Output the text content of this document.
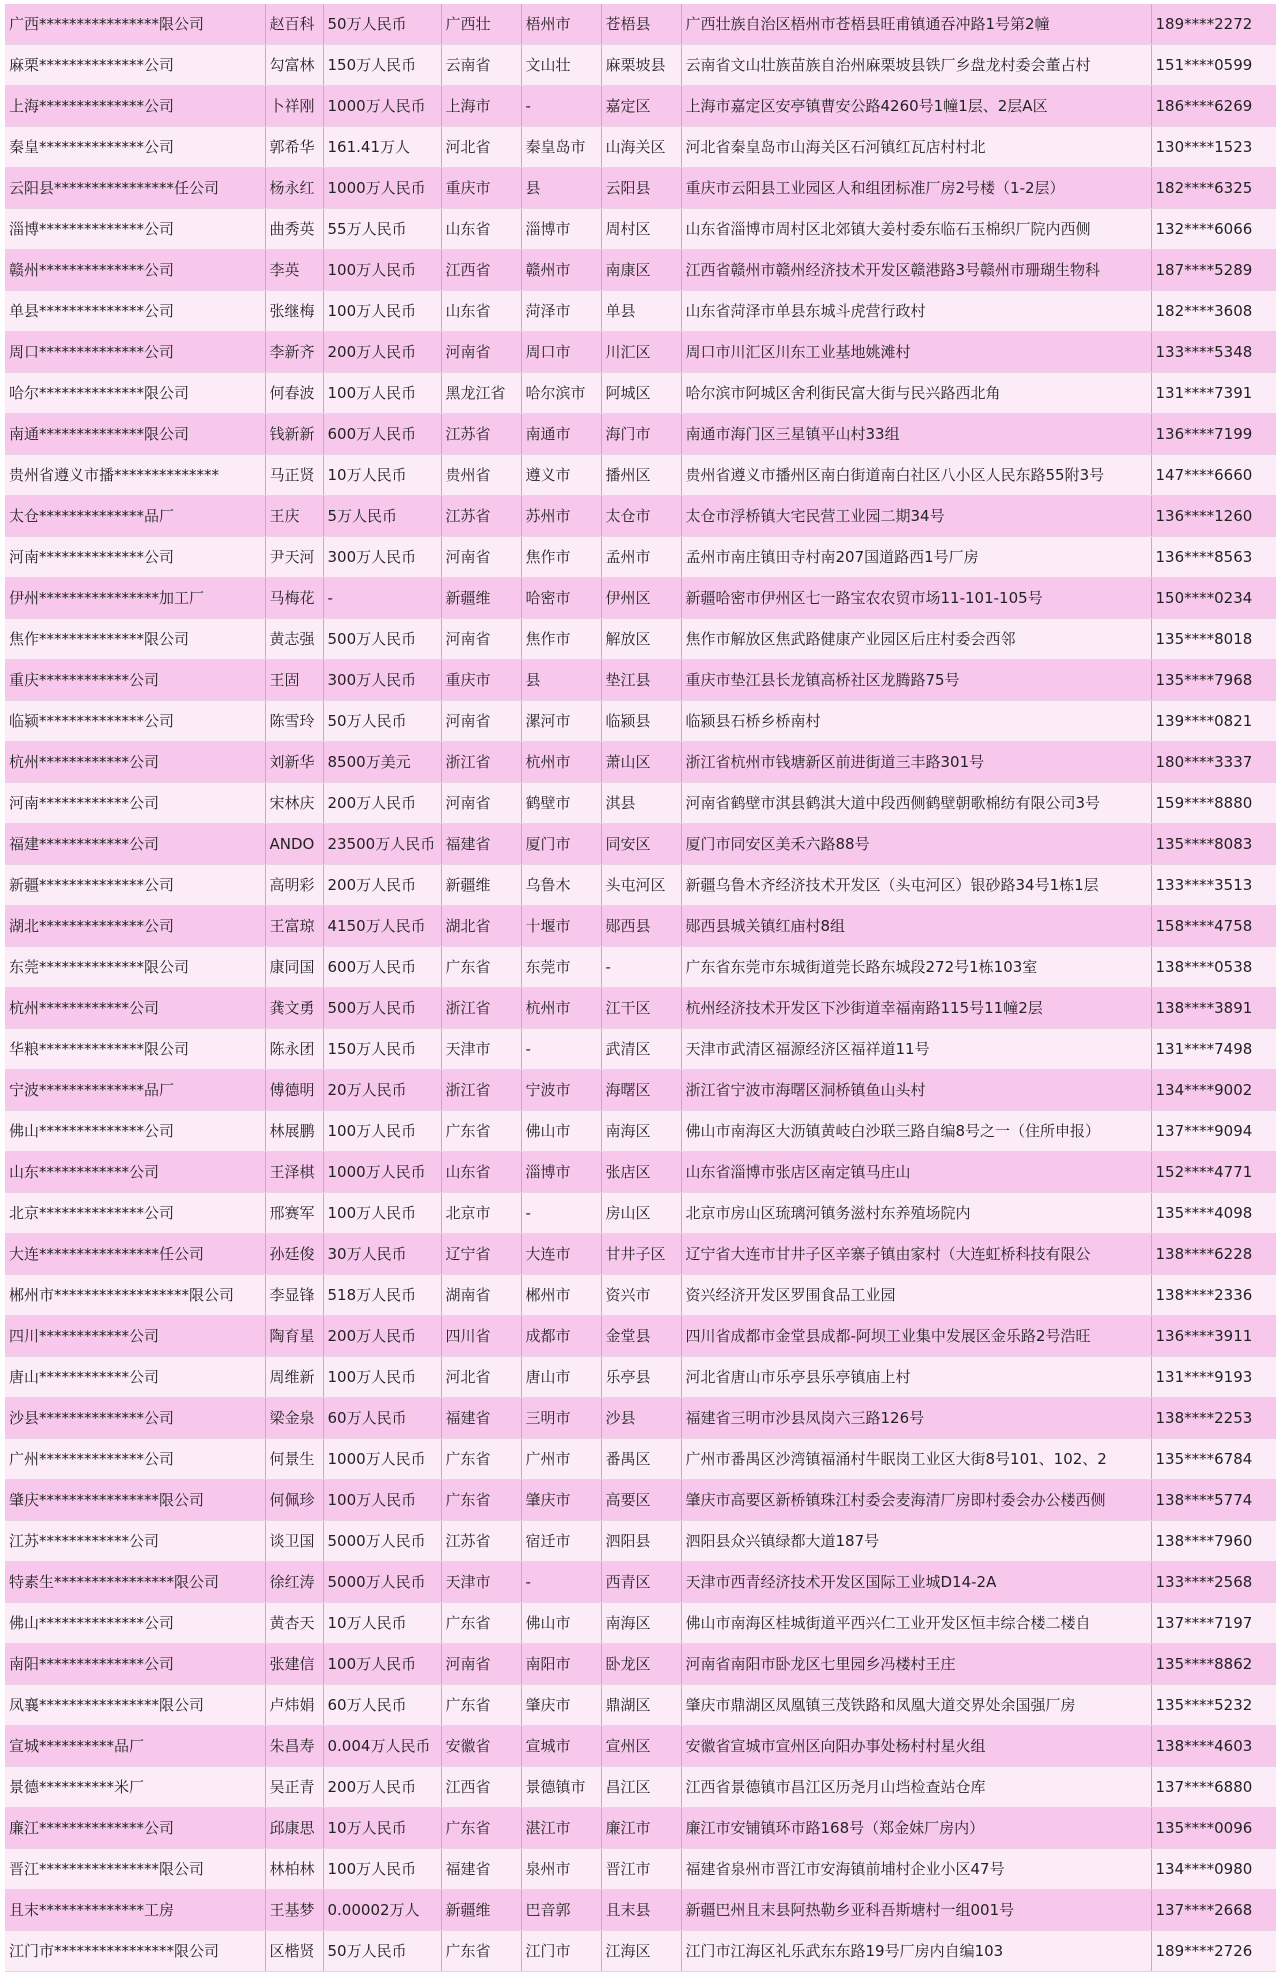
广西****************限公司	赵百科	50万人民币	广西壮	梧州市	苍梧县	广西壮族自治区梧州市苍梧县旺甫镇通吞冲路1号第2幢	189****2272
麻栗**************公司	勾富林	150万人民币	云南省	文山壮	麻栗坡县	云南省文山壮族苗族自治州麻栗坡县铁厂乡盘龙村委会董占村	151****0599
上海**************公司	卜祥刚	1000万人民币	上海市	-	嘉定区	上海市嘉定区安亭镇曹安公路4260号1幢1层、2层A区	186****6269
秦皇**************公司	郭希华	161.41万人	河北省	秦皇岛市	山海关区	河北省秦皇岛市山海关区石河镇红瓦店村村北	130****1523
云阳县****************任公司	杨永红	1000万人民币	重庆市	县	云阳县	重庆市云阳县工业园区人和组团标准厂房2号楼（1-2层）	182****6325
淄博**************公司	曲秀英	55万人民币	山东省	淄博市	周村区	山东省淄博市周村区北郊镇大姜村委东临石玉棉织厂院内西侧	132****6066
赣州**************公司	李英	100万人民币	江西省	赣州市	南康区	江西省赣州市赣州经济技术开发区赣港路3号赣州市珊瑚生物科	187****5289
单县**************公司	张继梅	100万人民币	山东省	菏泽市	单县	山东省菏泽市单县东城斗虎营行政村	182****3608
周口**************公司	李新齐	200万人民币	河南省	周口市	川汇区	周口市川汇区川东工业基地姚滩村	133****5348
哈尔**************限公司	何春波	100万人民币	黑龙江省	哈尔滨市	阿城区	哈尔滨市阿城区舍利街民富大街与民兴路西北角	131****7391
南通**************限公司	钱新新	600万人民币	江苏省	南通市	海门市	南通市海门区三星镇平山村33组	136****7199
贵州省遵义市播**************	马正贤	10万人民币	贵州省	遵义市	播州区	贵州省遵义市播州区南白街道南白社区八小区人民东路55附3号	147****6660
太仓**************品厂	王庆	5万人民币	江苏省	苏州市	太仓市	太仓市浮桥镇大宅民营工业园二期34号	136****1260
河南**************公司	尹天河	300万人民币	河南省	焦作市	孟州市	孟州市南庄镇田寺村南207国道路西1号厂房	136****8563
伊州****************加工厂	马梅花	-	新疆维	哈密市	伊州区	新疆哈密市伊州区七一路宝农农贸市场11-101-105号	150****0234
焦作**************限公司	黄志强	500万人民币	河南省	焦作市	解放区	焦作市解放区焦武路健康产业园区后庄村委会西邻	135****8018
重庆************公司	王固	300万人民币	重庆市	县	垫江县	重庆市垫江县长龙镇高桥社区龙腾路75号	135****7968
临颍**************公司	陈雪玲	50万人民币	河南省	漯河市	临颍县	临颍县石桥乡桥南村	139****0821
杭州************公司	刘新华	8500万美元	浙江省	杭州市	萧山区	浙江省杭州市钱塘新区前进街道三丰路301号	180****3337
河南************公司	宋林庆	200万人民币	河南省	鹤壁市	淇县	河南省鹤壁市淇县鹤淇大道中段西侧鹤壁朝歌棉纺有限公司3号	159****8880
福建************公司	ANDO	23500万人民币	福建省	厦门市	同安区	厦门市同安区美禾六路88号	135****8083
新疆**************公司	高明彩	200万人民币	新疆维	乌鲁木	头屯河区	新疆乌鲁木齐经济技术开发区（头屯河区）银砂路34号1栋1层	133****3513
湖北**************公司	王富琼	4150万人民币	湖北省	十堰市	郧西县	郧西县城关镇红庙村8组	158****4758
东莞**************限公司	康同国	600万人民币	广东省	东莞市	-	广东省东莞市东城街道莞长路东城段272号1栋103室	138****0538
杭州************公司	龚文勇	500万人民币	浙江省	杭州市	江干区	杭州经济技术开发区下沙街道幸福南路115号11幢2层	138****3891
华粮**************限公司	陈永团	150万人民币	天津市	-	武清区	天津市武清区福源经济区福祥道11号	131****7498
宁波**************品厂	傅德明	20万人民币	浙江省	宁波市	海曙区	浙江省宁波市海曙区洞桥镇鱼山头村	134****9002
佛山**************公司	林展鹏	100万人民币	广东省	佛山市	南海区	佛山市南海区大沥镇黄岐白沙联三路自编8号之一（住所申报）	137****9094
山东************公司	王泽棋	1000万人民币	山东省	淄博市	张店区	山东省淄博市张店区南定镇马庄山	152****4771
北京**************公司	邢赛军	100万人民币	北京市	-	房山区	北京市房山区琉璃河镇务滋村东养殖场院内	135****4098
大连****************任公司	孙廷俊	30万人民币	辽宁省	大连市	甘井子区	辽宁省大连市甘井子区辛寨子镇由家村（大连虹桥科技有限公	138****6228
郴州市******************限公司	李显锋	518万人民币	湖南省	郴州市	资兴市	资兴经济开发区罗围食品工业园	138****2336
四川************公司	陶育星	200万人民币	四川省	成都市	金堂县	四川省成都市金堂县成都-阿坝工业集中发展区金乐路2号浩旺	136****3911
唐山************公司	周维新	100万人民币	河北省	唐山市	乐亭县	河北省唐山市乐亭县乐亭镇庙上村	131****9193
沙县**************公司	梁金泉	60万人民币	福建省	三明市	沙县	福建省三明市沙县凤岗六三路126号	138****2253
广州**************公司	何景生	1000万人民币	广东省	广州市	番禺区	广州市番禺区沙湾镇福涌村牛眠岗工业区大街8号101、102、2	135****6784
肇庆****************限公司	何佩珍	100万人民币	广东省	肇庆市	高要区	肇庆市高要区新桥镇珠江村委会麦海清厂房即村委会办公楼西侧	138****5774
江苏************公司	谈卫国	5000万人民币	江苏省	宿迁市	泗阳县	泗阳县众兴镇绿都大道187号	138****7960
特素生****************限公司	徐红涛	5000万人民币	天津市	-	西青区	天津市西青经济技术开发区国际工业城D14-2A	133****2568
佛山**************公司	黄杏天	10万人民币	广东省	佛山市	南海区	佛山市南海区桂城街道平西兴仁工业开发区恒丰综合楼二楼自	137****7197
南阳**************公司	张建信	100万人民币	河南省	南阳市	卧龙区	河南省南阳市卧龙区七里园乡冯楼村王庄	135****8862
凤襄****************限公司	卢炜娟	60万人民币	广东省	肇庆市	鼎湖区	肇庆市鼎湖区凤凰镇三茂铁路和凤凰大道交界处余国强厂房	135****5232
宣城**********品厂	朱昌寿	0.004万人民币	安徽省	宣城市	宣州区	安徽省宣城市宣州区向阳办事处杨村村星火组	138****4603
景德**********米厂	吴正青	200万人民币	江西省	景德镇市	昌江区	江西省景德镇市昌江区历尧月山垱检查站仓库	137****6880
廉江**************公司	邱康思	10万人民币	广东省	湛江市	廉江市	廉江市安铺镇环市路168号（郑金妹厂房内）	135****0096
晋江****************限公司	林柏林	100万人民币	福建省	泉州市	晋江市	福建省泉州市晋江市安海镇前埔村企业小区47号	134****0980
且末**************工房	王基梦	0.00002万人	新疆维	巴音郭	且末县	新疆巴州且末县阿热勒乡亚科吾斯塘村一组001号	137****2668
江门市****************限公司	区楷贤	50万人民币	广东省	江门市	江海区	江门市江海区礼乐武东东路19号厂房内自编103	189****2726
